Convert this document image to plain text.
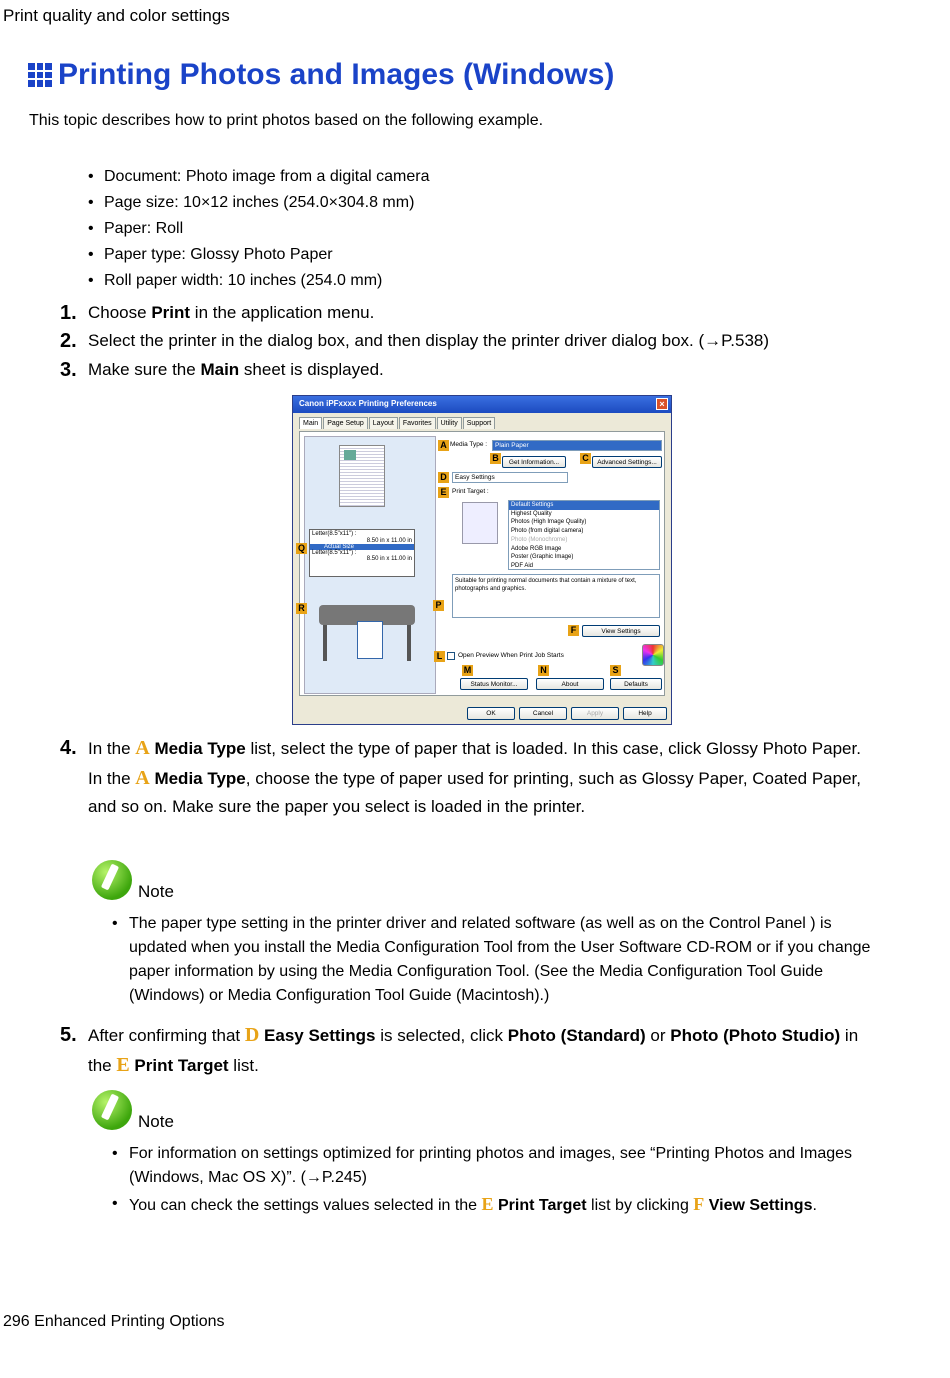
Print quality and color settings
Printing Photos and Images (Windows)
This topic describes how to print photos based on the following example.
• Document: Photo image from a digital camera
• Page size: 10×12 inches (254.0×304.8 mm)
• Paper: Roll
• Paper type: Glossy Photo Paper
• Roll paper width: 10 inches (254.0 mm)
1. Choose Print in the application menu.
2. Select the printer in the dialog box, and then display the printer driver dialog box. (→P.538)
3. Make sure the Main sheet is displayed.
Canon iPFxxxx Printing Preferences	×
Main	Page Setup	Layout	Favorites	Utility	Support
Letter(8.5"x11") :
8.50 in x 11.00 in
Actual Size
Letter(8.5"x11") :
8.50 in x 11.00 in
P
Q
R
A Media Type :	Plain Paper
B	Get Information...	C	Advanced Settings...
D	Easy Settings
E Print Target :
Default Settings
Highest Quality
Photos (High Image Quality)
Photo (from digital camera)
Photo (Monochrome)
Adobe RGB Image
Poster (Graphic Image)
PDF Aid
Suitable for printing normal documents that contain a mixture of text, photographs and graphics.
F	View Settings
L	Open Preview When Print Job Starts
M
Status Monitor...
N
About
S
Defaults
OK	Cancel	Apply	Help
4. In the A Media Type list, select the type of paper that is loaded. In this case, click Glossy Photo Paper.
In the A Media Type, choose the type of paper used for printing, such as Glossy Paper, Coated Paper, and so on. Make sure the paper you select is loaded in the printer.
Note
• The paper type setting in the printer driver and related software (as well as on the Control Panel ) is updated when you install the Media Configuration Tool from the User Software CD-ROM or if you change paper information by using the Media Configuration Tool. (See the Media Configuration Tool Guide (Windows) or Media Configuration Tool Guide (Macintosh).)
5. After confirming that D Easy Settings is selected, click Photo (Standard) or Photo (Photo Studio) in the E Print Target list.
Note
• For information on settings optimized for printing photos and images, see “Printing Photos and Images (Windows, Mac OS X)”. (→P.245)
• You can check the settings values selected in the E Print Target list by clicking F View Settings.
296 Enhanced Printing Options
